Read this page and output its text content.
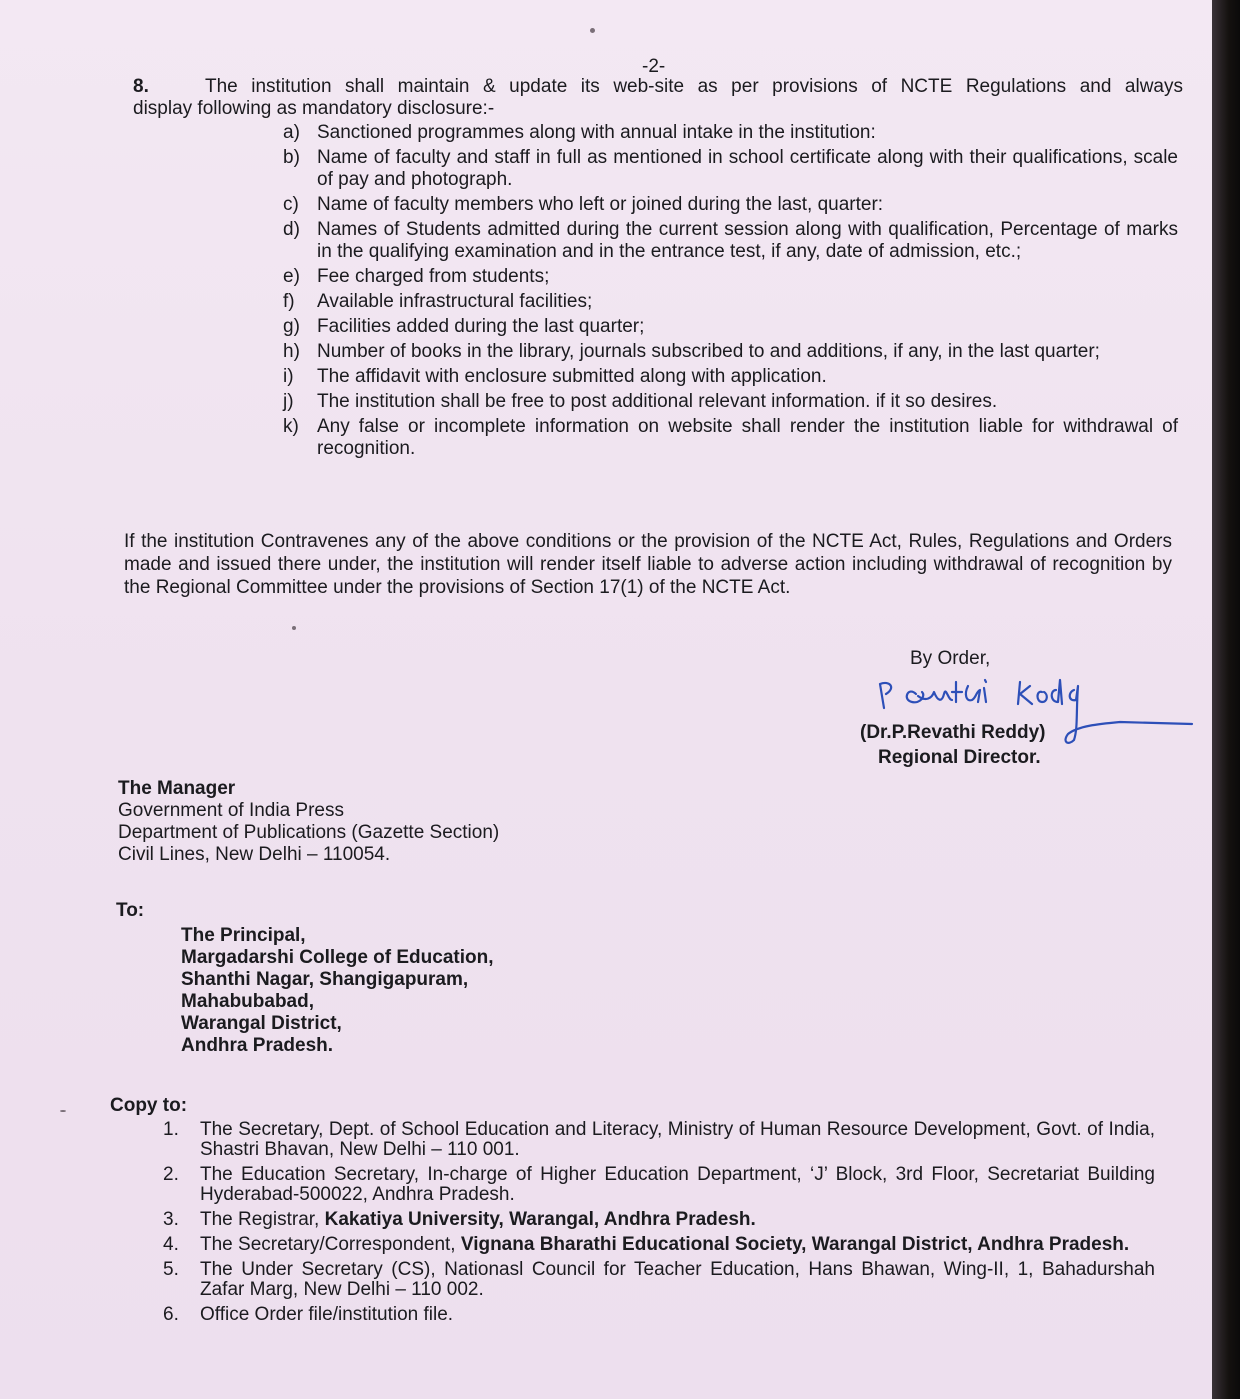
-2-
8.	The institution shall maintain & update its web-site as per provisions of NCTE Regulations and always
display following as mandatory disclosure:-
a) Sanctioned programmes along with annual intake in the institution:
b) Name of faculty and staff in full as mentioned in school certificate along with their qualifications, scale of pay and photograph.
c) Name of faculty members who left or joined during the last, quarter:
d) Names of Students admitted during the current session along with qualification, Percentage of marks in the qualifying examination and in the entrance test, if any, date of admission, etc.;
e) Fee charged from students;
f)	Available infrastructural facilities;
g) Facilities added during the last quarter;
h) Number of books in the library, journals subscribed to and additions, if any, in the last quarter;
i)	The affidavit with enclosure submitted along with application.
j)	The institution shall be free to post additional relevant information. if it so desires.
k) Any false or incomplete information on website shall render the institution liable for withdrawal of recognition.
If the institution Contravenes any of the above conditions or the provision of the NCTE Act, Rules, Regulations and Orders made and issued there under, the institution will render itself liable to adverse action including withdrawal of recognition by the Regional Committee under the provisions of Section 17(1) of the NCTE Act.
By Order,
(Dr.P.Revathi Reddy)
Regional Director.
The Manager
Government of India Press
Department of Publications (Gazette Section)
Civil Lines, New Delhi – 110054.
To:
The Principal,
Margadarshi College of Education,
Shanthi Nagar, Shangigapuram,
Mahabubabad,
Warangal District,
Andhra Pradesh.
Copy to:
1.	The Secretary, Dept. of School Education and Literacy, Ministry of Human Resource Development, Govt. of India, Shastri Bhavan, New Delhi – 110 001.
2.	The Education Secretary, In-charge of Higher Education Department, ‘J’ Block, 3rd Floor, Secretariat Building Hyderabad-500022, Andhra Pradesh.
3.	The Registrar, Kakatiya University, Warangal, Andhra Pradesh.
4.	The Secretary/Correspondent, Vignana Bharathi Educational Society, Warangal District, Andhra Pradesh.
5.	The Under Secretary (CS), Nationasl Council for Teacher Education, Hans Bhawan, Wing-II, 1, Bahadurshah Zafar Marg, New Delhi – 110 002.
6.	Office Order file/institution file.
